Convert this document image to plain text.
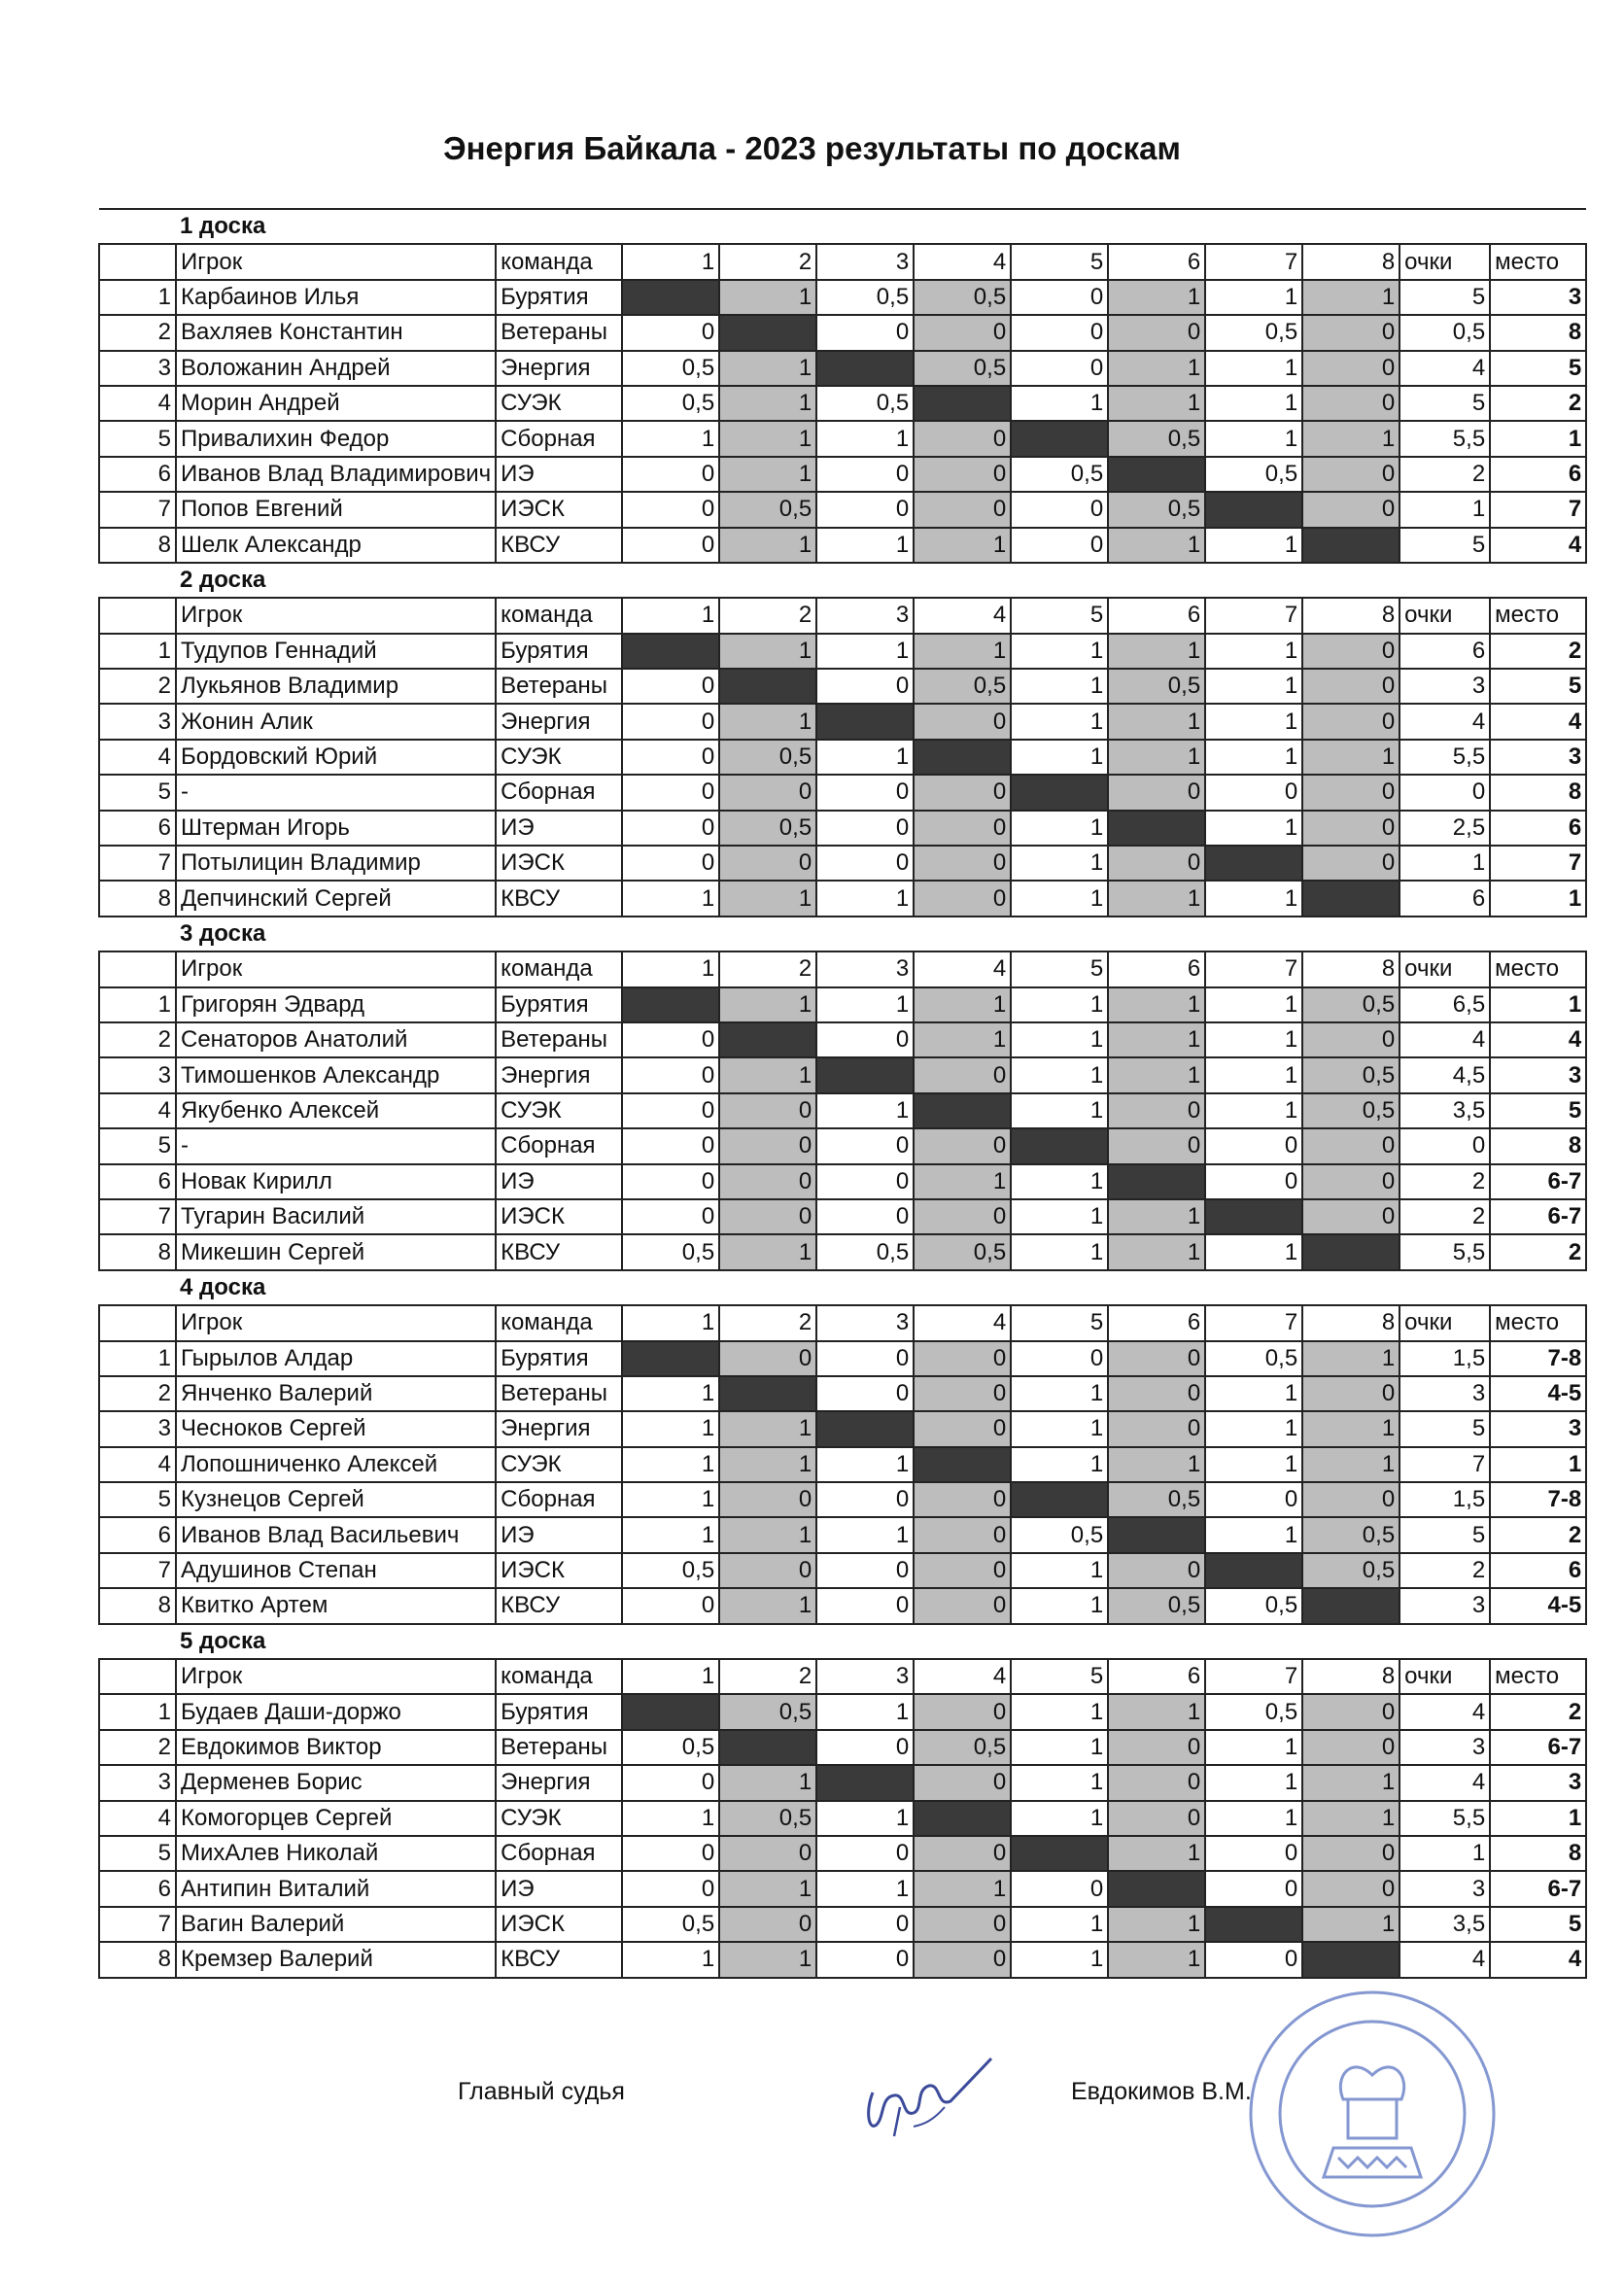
Энергия Байкала - 2023 результаты по доскам
	1 доска											
	Игрок	команда	1	2	3	4	5	6	7	8	очки	место
1	Карбаинов Илья	Бурятия		1	0,5	0,5	0	1	1	1	5	3
2	Вахляев Константин	Ветераны	0		0	0	0	0	0,5	0	0,5	8
3	Воложанин Андрей	Энергия	0,5	1		0,5	0	1	1	0	4	5
4	Морин Андрей	СУЭК	0,5	1	0,5		1	1	1	0	5	2
5	Привалихин Федор	Сборная	1	1	1	0		0,5	1	1	5,5	1
6	Иванов Влад Владимирович	ИЭ	0	1	0	0	0,5		0,5	0	2	6
7	Попов Евгений	ИЭСК	0	0,5	0	0	0	0,5		0	1	7
8	Шелк Александр	КВСУ	0	1	1	1	0	1	1		5	4
	2 доска											
	Игрок	команда	1	2	3	4	5	6	7	8	очки	место
1	Тудупов Геннадий	Бурятия		1	1	1	1	1	1	0	6	2
2	Лукьянов Владимир	Ветераны	0		0	0,5	1	0,5	1	0	3	5
3	Жонин Алик	Энергия	0	1		0	1	1	1	0	4	4
4	Бордовский Юрий	СУЭК	0	0,5	1		1	1	1	1	5,5	3
5	-	Сборная	0	0	0	0		0	0	0	0	8
6	Штерман Игорь	ИЭ	0	0,5	0	0	1		1	0	2,5	6
7	Потылицин Владимир	ИЭСК	0	0	0	0	1	0		0	1	7
8	Депчинский Сергей	КВСУ	1	1	1	0	1	1	1		6	1
	3 доска											
	Игрок	команда	1	2	3	4	5	6	7	8	очки	место
1	Григорян Эдвард	Бурятия		1	1	1	1	1	1	0,5	6,5	1
2	Сенаторов Анатолий	Ветераны	0		0	1	1	1	1	0	4	4
3	Тимошенков Александр	Энергия	0	1		0	1	1	1	0,5	4,5	3
4	Якубенко Алексей	СУЭК	0	0	1		1	0	1	0,5	3,5	5
5	-	Сборная	0	0	0	0		0	0	0	0	8
6	Новак Кирилл	ИЭ	0	0	0	1	1		0	0	2	6-7
7	Тугарин Василий	ИЭСК	0	0	0	0	1	1		0	2	6-7
8	Микешин Сергей	КВСУ	0,5	1	0,5	0,5	1	1	1		5,5	2
	4 доска											
	Игрок	команда	1	2	3	4	5	6	7	8	очки	место
1	Гырылов Алдар	Бурятия		0	0	0	0	0	0,5	1	1,5	7-8
2	Янченко Валерий	Ветераны	1		0	0	1	0	1	0	3	4-5
3	Чесноков Сергей	Энергия	1	1		0	1	0	1	1	5	3
4	Лопошниченко Алексей	СУЭК	1	1	1		1	1	1	1	7	1
5	Кузнецов Сергей	Сборная	1	0	0	0		0,5	0	0	1,5	7-8
6	Иванов Влад Васильевич	ИЭ	1	1	1	0	0,5		1	0,5	5	2
7	Адушинов Степан	ИЭСК	0,5	0	0	0	1	0		0,5	2	6
8	Квитко Артем	КВСУ	0	1	0	0	1	0,5	0,5		3	4-5
	5 доска											
	Игрок	команда	1	2	3	4	5	6	7	8	очки	место
1	Будаев Даши-доржо	Бурятия		0,5	1	0	1	1	0,5	0	4	2
2	Евдокимов Виктор	Ветераны	0,5		0	0,5	1	0	1	0	3	6-7
3	Дерменев Борис	Энергия	0	1		0	1	0	1	1	4	3
4	Комогорцев Сергей	СУЭК	1	0,5	1		1	0	1	1	5,5	1
5	МихАлев Николай	Сборная	0	0	0	0		1	0	0	1	8
6	Антипин Виталий	ИЭ	0	1	1	1	0		0	0	3	6-7
7	Вагин Валерий	ИЭСК	0,5	0	0	0	1	1		1	3,5	5
8	Кремзер Валерий	КВСУ	1	1	0	0	1	1	0		4	4
Главный судья	Евдокимов В.М.
